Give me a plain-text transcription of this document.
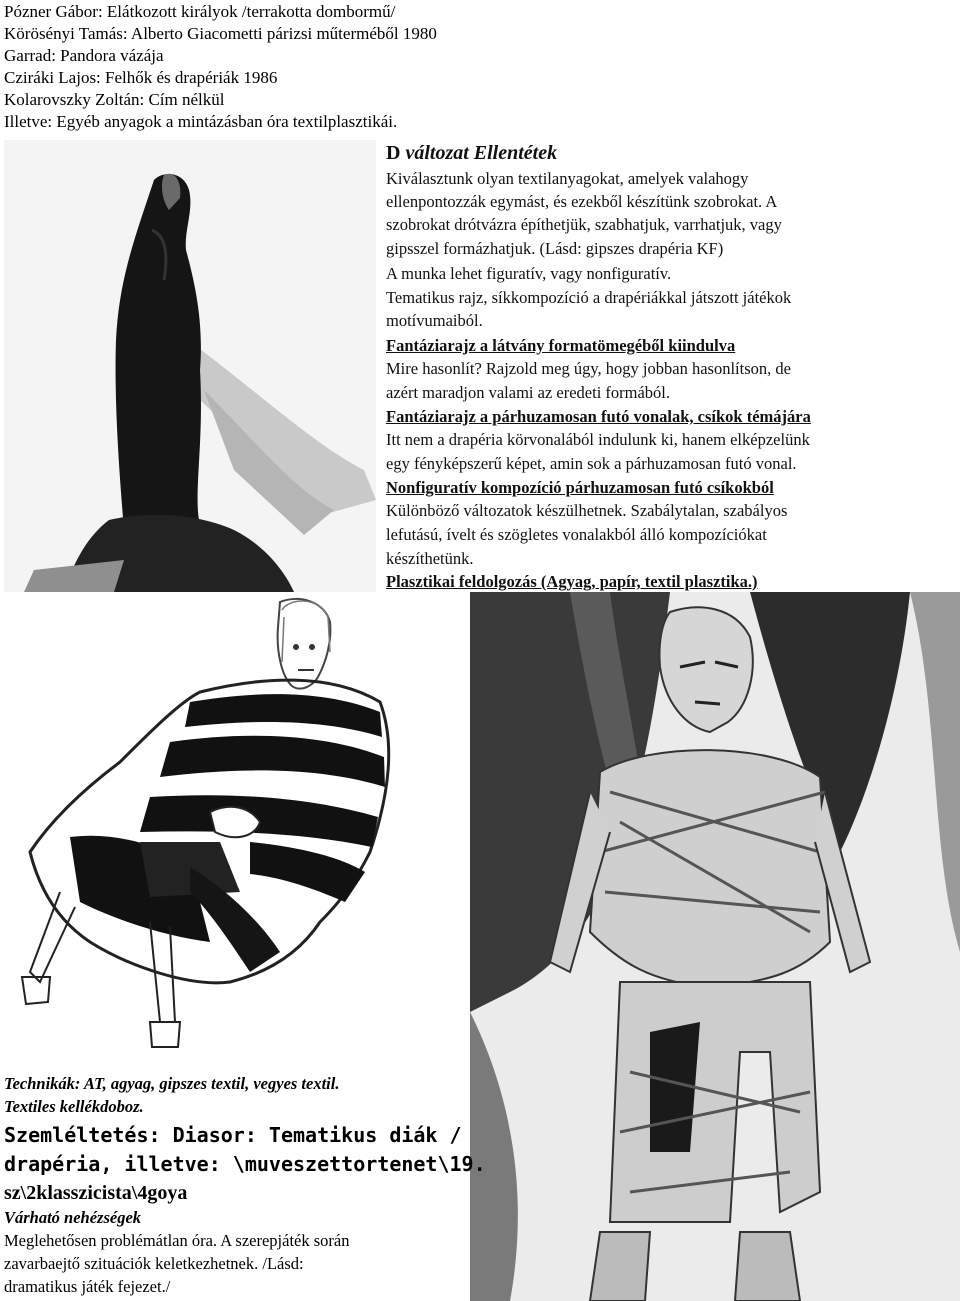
Pózner Gábor: Elátkozott királyok /terrakotta dombormű/
Körösényi Tamás: Alberto Giacometti párizsi műterméből 1980
Garrad: Pandora vázája
Cziráki Lajos: Felhők és drapériák 1986
Kolarovszky Zoltán: Cím nélkül
Illetve: Egyéb anyagok a mintázásban óra textilplasztikái.
D változat Ellentétek
Kiválasztunk olyan textilanyagokat, amelyek valahogy
ellenpontozzák egymást, és ezekből készítünk szobrokat. A
szobrokat drótvázra építhetjük, szabhatjuk, varrhatjuk, vagy
gipsszel formázhatjuk. (Lásd: gipszes drapéria KF)
A munka lehet figuratív, vagy nonfiguratív.
Tematikus rajz, síkkompozíció a drapériákkal játszott játékok
motívumaiból.
Fantáziarajz a látvány formatömegéből kiindulva
Mire hasonlít? Rajzold meg úgy, hogy jobban hasonlítson, de
azért maradjon valami az eredeti formából.
Fantáziarajz a párhuzamosan futó vonalak, csíkok témájára
Itt nem a drapéria körvonalából indulunk ki, hanem elképzelünk
egy fényképszerű képet, amin sok a párhuzamosan futó vonal.
Nonfiguratív kompozíció párhuzamosan futó csíkokból
Különböző változatok készülhetnek. Szabálytalan, szabályos
lefutású, ívelt és szögletes vonalakból álló kompozíciókat
készíthetünk.
Plasztikai feldolgozás (Agyag, papír, textil plasztika.)
Technikák: AT, agyag, gipszes textil, vegyes textil.
Textiles kellékdoboz.
Szemléltetés: Diasor: Tematikus diák /
drapéria, illetve: \muveszettortenet\19.
sz\2klasszicista\4goya
Várható nehézségek
Meglehetősen problémátlan óra. A szerepjáték során
zavarbaejtő szituációk keletkezhetnek. /Lásd:
dramatikus játék fejezet./
